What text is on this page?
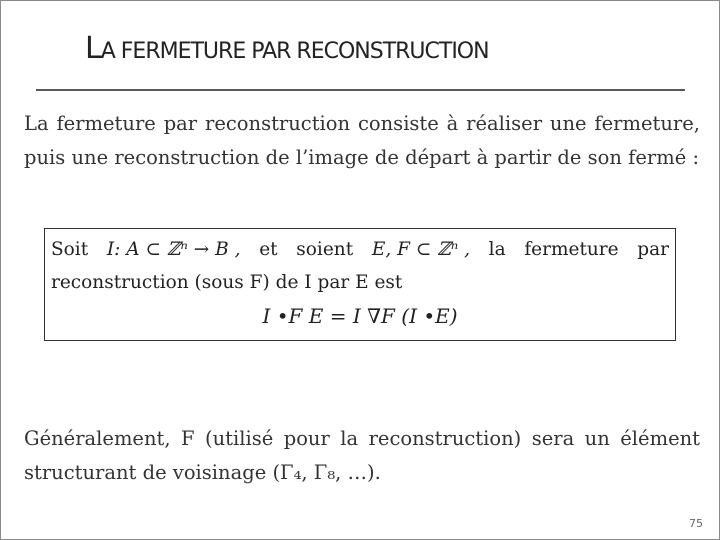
LA FERMETURE PAR RECONSTRUCTION
La fermeture par reconstruction consiste à réaliser une fermeture, puis une reconstruction de l’image de départ à partir de son fermé :
Soit I: A ⊂ ℤⁿ → B , et soient E, F ⊂ ℤⁿ , la fermeture par
reconstruction (sous F) de I par E est
I •F E = I ∇F (I •E)
Généralement, F (utilisé pour la reconstruction) sera un élément structurant de voisinage (Γ₄, Γ₈, …).
75
